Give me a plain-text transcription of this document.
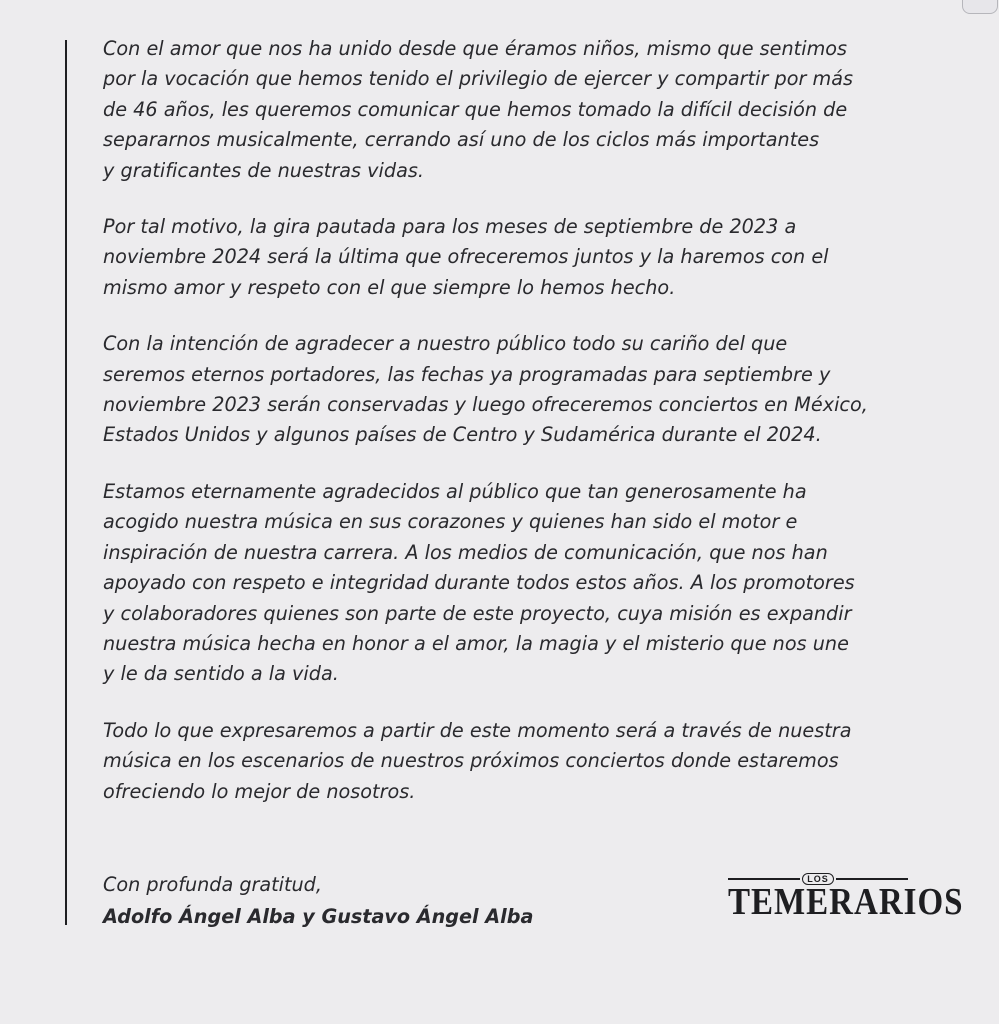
Con el amor que nos ha unido desde que éramos niños, mismo que sentimos
por la vocación que hemos tenido el privilegio de ejercer y compartir por más
de 46 años, les queremos comunicar que hemos tomado la difícil decisión de
separarnos musicalmente, cerrando así uno de los ciclos más importantes
y gratificantes de nuestras vidas.

Por tal motivo, la gira pautada para los meses de septiembre de 2023 a
noviembre 2024 será la última que ofreceremos juntos y la haremos con el
mismo amor y respeto con el que siempre lo hemos hecho.

Con la intención de agradecer a nuestro público todo su cariño del que
seremos eternos portadores, las fechas ya programadas para septiembre y
noviembre 2023 serán conservadas y luego ofreceremos conciertos en México,
Estados Unidos y algunos países de Centro y Sudamérica durante el 2024.

Estamos eternamente agradecidos al público que tan generosamente ha
acogido nuestra música en sus corazones y quienes han sido el motor e
inspiración de nuestra carrera. A los medios de comunicación, que nos han
apoyado con respeto e integridad durante todos estos años. A los promotores
y colaboradores quienes son parte de este proyecto, cuya misión es expandir
nuestra música hecha en honor a el amor, la magia y el misterio que nos une
y le da sentido a la vida.

Todo lo que expresaremos a partir de este momento será a través de nuestra
música en los escenarios de nuestros próximos conciertos donde estaremos
ofreciendo lo mejor de nosotros.

Con profunda gratitud,
Adolfo Ángel Alba y Gustavo Ángel Alba
LOS
TEMERARIOS
